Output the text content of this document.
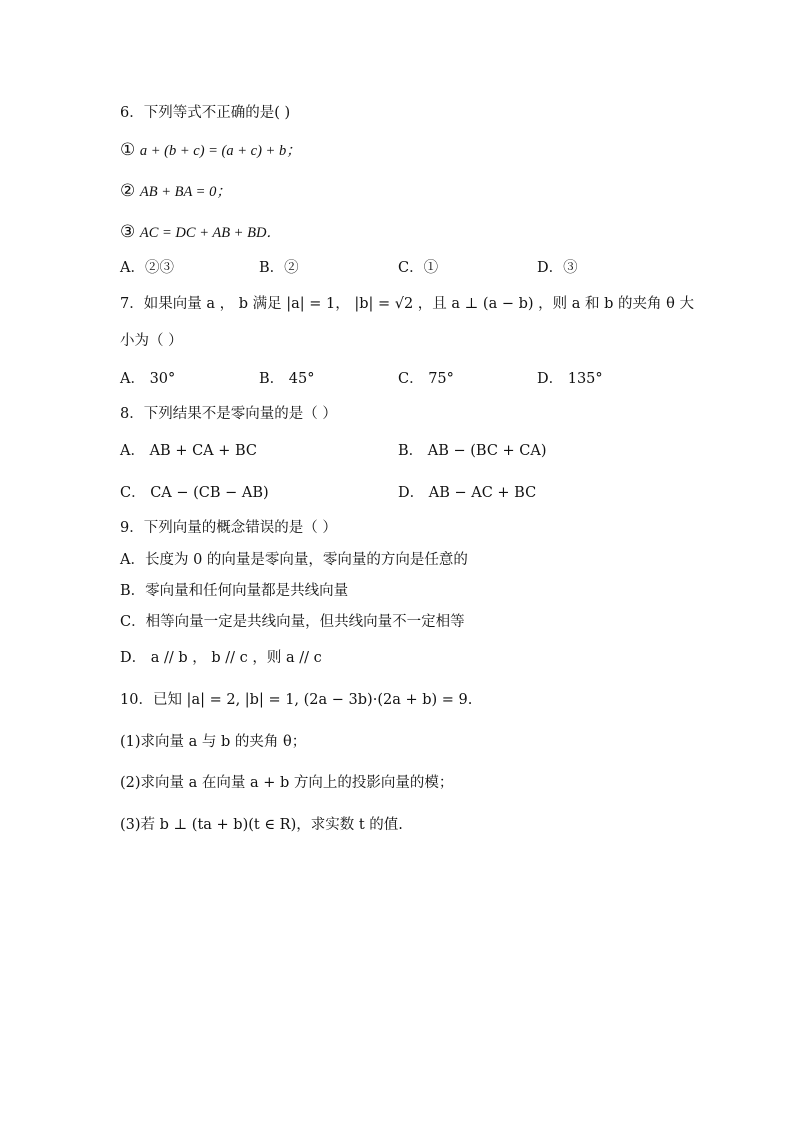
6．下列等式不正确的是( )
① a + (b + c) = (a + c) + b；
② AB + BA = 0；
③ AC = DC + AB + BD．
A．②③	B．②	C．①	D．③
7．如果向量 a ， b 满足 |a| = 1， |b| = √2 ，且 a ⊥ (a − b) ，则 a 和 b 的夹角 θ 大
小为（ ）
A． 30°	B． 45°	C． 75°	D． 135°
8．下列结果不是零向量的是（ ）
A． AB + CA + BC	B． AB − (BC + CA)
C． CA − (CB − AB)	D． AB − AC + BC
9．下列向量的概念错误的是（ ）
A．长度为 0 的向量是零向量，零向量的方向是任意的
B．零向量和任何向量都是共线向量
C．相等向量一定是共线向量，但共线向量不一定相等
D． a // b ， b // c ，则 a // c
10．已知 |a| = 2, |b| = 1, (2a − 3b)·(2a + b) = 9.
(1)求向量 a 与 b 的夹角 θ；
(2)求向量 a 在向量 a + b 方向上的投影向量的模；
(3)若 b ⊥ (ta + b)(t ∈ R)，求实数 t 的值.
